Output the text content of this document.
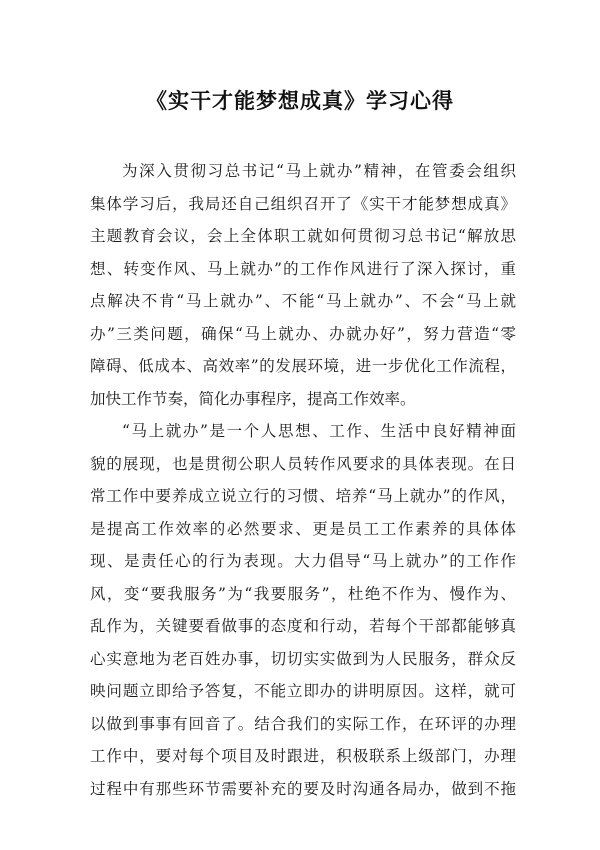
《实干才能梦想成真》学习心得
为深入贯彻习总书记“马上就办”精神，在管委会组织
集体学习后，我局还自己组织召开了《实干才能梦想成真》
主题教育会议，会上全体职工就如何贯彻习总书记“解放思
想、转变作风、马上就办”的工作作风进行了深入探讨，重
点解决不肯“马上就办”、不能“马上就办”、不会“马上就
办”三类问题，确保“马上就办、办就办好”，努力营造“零
障碍、低成本、高效率”的发展环境，进一步优化工作流程，
加快工作节奏，简化办事程序，提高工作效率。
“马上就办”是一个人思想、工作、生活中良好精神面
貌的展现，也是贯彻公职人员转作风要求的具体表现。在日
常工作中要养成立说立行的习惯、培养“马上就办”的作风，
是提高工作效率的必然要求、更是员工工作素养的具体体
现、是责任心的行为表现。大力倡导“马上就办”的工作作
风，变“要我服务”为“我要服务”，杜绝不作为、慢作为、
乱作为，关键要看做事的态度和行动，若每个干部都能够真
心实意地为老百姓办事，切切实实做到为人民服务，群众反
映问题立即给予答复，不能立即办的讲明原因。这样，就可
以做到事事有回音了。结合我们的实际工作，在环评的办理
工作中，要对每个项目及时跟进，积极联系上级部门，办理
过程中有那些环节需要补充的要及时沟通各局办，做到不拖
